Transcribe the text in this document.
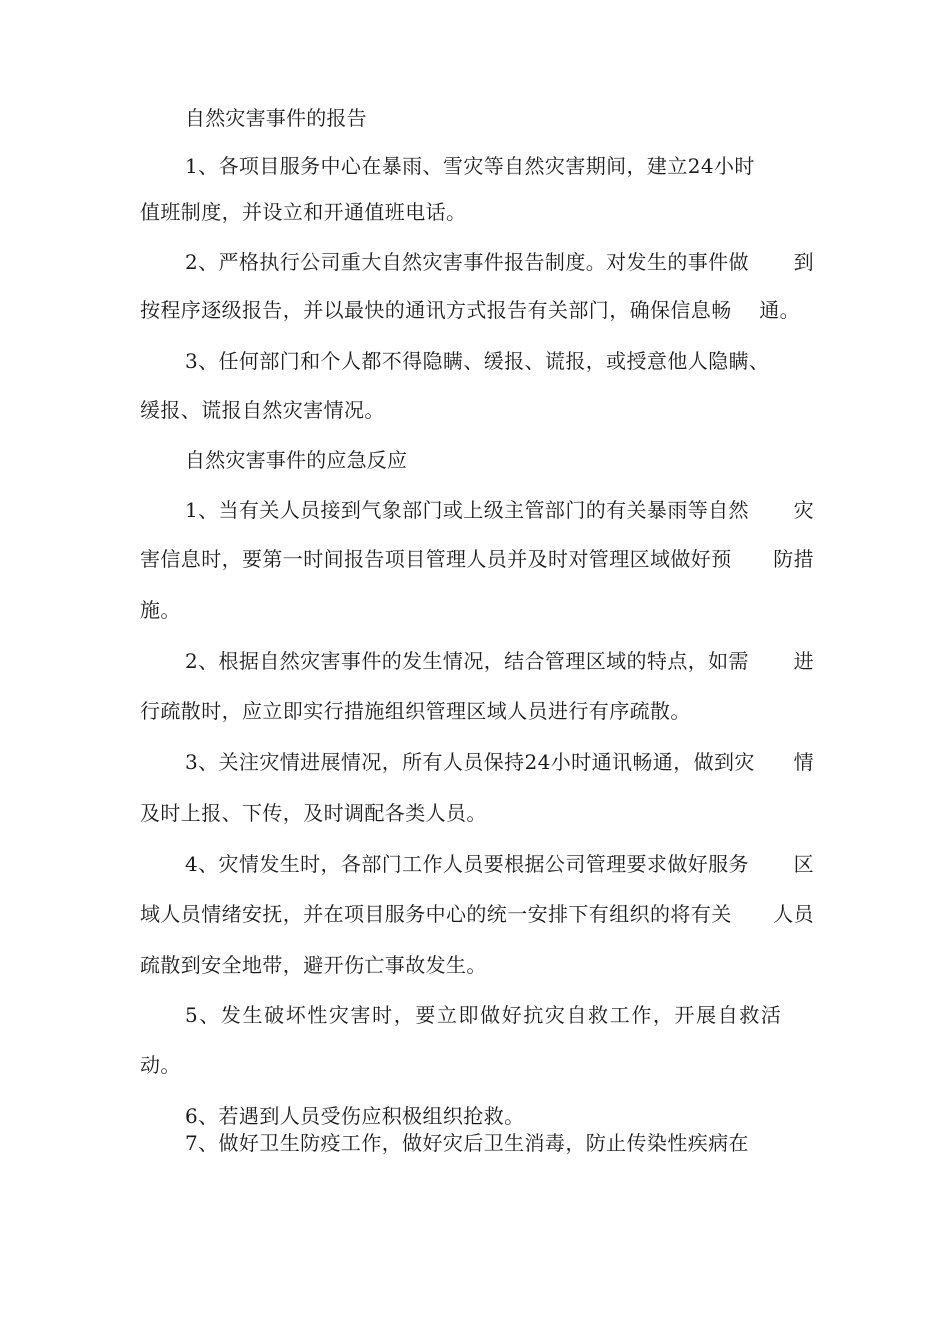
自然灾害事件的报告

1、各项目服务中心在暴雨、雪灾等自然灾害期间，建立24小时

值班制度，并设立和开通值班电话。

2、严格执行公司重大自然灾害事件报告制度。对发生的事件做 到
按程序逐级报告，并以最快的通讯方式报告有关部门，确保信息畅 通。

3、任何部门和个人都不得隐瞒、缓报、谎报，或授意他人隐瞒、

缓报、谎报自然灾害情况。

自然灾害事件的应急反应

1、当有关人员接到气象部门或上级主管部门的有关暴雨等自然 灾
害信息时，要第一时间报告项目管理人员并及时对管理区域做好预 防措

施。

2、根据自然灾害事件的发生情况，结合管理区域的特点，如需 进

行疏散时，应立即实行措施组织管理区域人员进行有序疏散。

3、关注灾情进展情况，所有人员保持24小时通讯畅通，做到灾 情

及时上报、下传，及时调配各类人员。

4、灾情发生时，各部门工作人员要根据公司管理要求做好服务 区
域人员情绪安抚，并在项目服务中心的统一安排下有组织的将有关 人员

疏散到安全地带，避开伤亡事故发生。

5、发生破坏性灾害时，要立即做好抗灾自救工作，开展自救活

动。

6、若遇到人员受伤应积极组织抢救。

7、做好卫生防疫工作，做好灾后卫生消毒，防止传染性疾病在
